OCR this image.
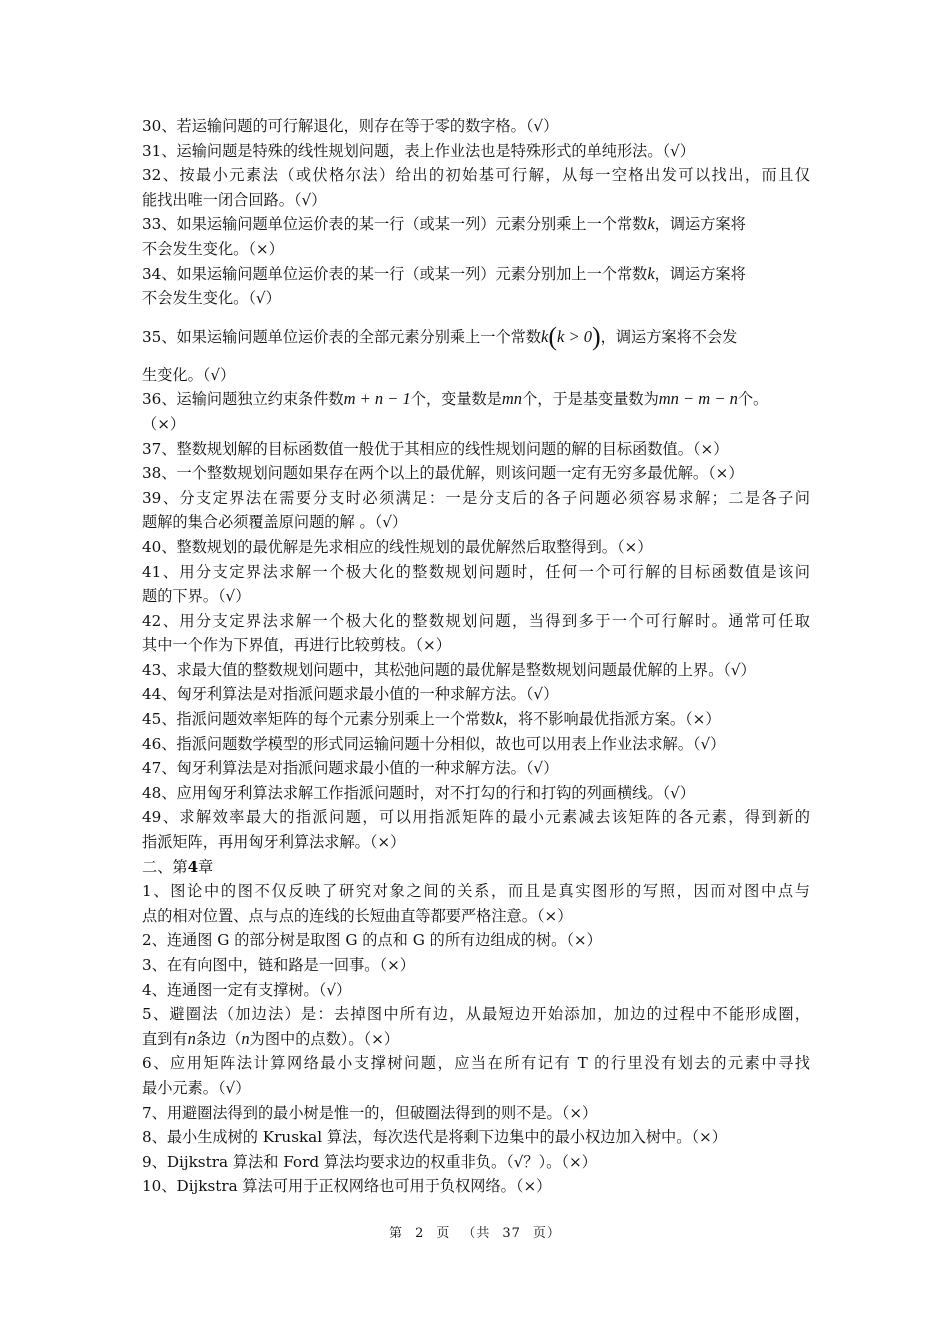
30、若运输问题的可行解退化，则存在等于零的数字格。（√）
31、运输问题是特殊的线性规划问题，表上作业法也是特殊形式的单纯形法。（√）
32、按最小元素法（或伏格尔法）给出的初始基可行解，从每一空格出发可以找出，而且仅
能找出唯一闭合回路。（√）
33、如果运输问题单位运价表的某一行（或某一列）元素分别乘上一个常数k，调运方案将
不会发生变化。（×）
34、如果运输问题单位运价表的某一行（或某一列）元素分别加上一个常数k，调运方案将
不会发生变化。（√）
35、如果运输问题单位运价表的全部元素分别乘上一个常数k(k > 0)，调运方案将不会发
生变化。（√）
36、运输问题独立约束条件数m + n − 1个，变量数是mn个，于是基变量数为mn − m − n个。
（×）
37、整数规划解的目标函数值一般优于其相应的线性规划问题的解的目标函数值。（×）
38、一个整数规划问题如果存在两个以上的最优解，则该问题一定有无穷多最优解。（×）
39、分支定界法在需要分支时必须满足：一是分支后的各子问题必须容易求解；二是各子问
题解的集合必须覆盖原问题的解 。（√）
40、整数规划的最优解是先求相应的线性规划的最优解然后取整得到。（×）
41、用分支定界法求解一个极大化的整数规划问题时，任何一个可行解的目标函数值是该问
题的下界。（√）
42、用分支定界法求解一个极大化的整数规划问题，当得到多于一个可行解时。通常可任取
其中一个作为下界值，再进行比较剪枝。（×）
43、求最大值的整数规划问题中，其松弛问题的最优解是整数规划问题最优解的上界。（√）
44、匈牙利算法是对指派问题求最小值的一种求解方法。（√）
45、指派问题效率矩阵的每个元素分别乘上一个常数k，将不影响最优指派方案。（×）
46、指派问题数学模型的形式同运输问题十分相似，故也可以用表上作业法求解。（√）
47、匈牙利算法是对指派问题求最小值的一种求解方法。（√）
48、应用匈牙利算法求解工作指派问题时，对不打勾的行和打钩的列画横线。（√）
49、求解效率最大的指派问题，可以用指派矩阵的最小元素减去该矩阵的各元素，得到新的
指派矩阵，再用匈牙利算法求解。（×）
二、第4章
1、图论中的图不仅反映了研究对象之间的关系，而且是真实图形的写照，因而对图中点与
点的相对位置、点与点的连线的长短曲直等都要严格注意。（×）
2、连通图 G 的部分树是取图 G 的点和 G 的所有边组成的树。（×）
3、在有向图中，链和路是一回事。（×）
4、连通图一定有支撑树。（√）
5、避圈法（加边法）是：去掉图中所有边，从最短边开始添加，加边的过程中不能形成圈，
直到有n条边（n为图中的点数）。（×）
6、应用矩阵法计算网络最小支撑树问题，应当在所有记有 T 的行里没有划去的元素中寻找
最小元素。（√）
7、用避圈法得到的最小树是惟一的，但破圈法得到的则不是。（×）
8、最小生成树的 Kruskal 算法，每次迭代是将剩下边集中的最小权边加入树中。（×）
9、Dijkstra 算法和 Ford 算法均要求边的权重非负。（√？）。（×）
10、Dijkstra 算法可用于正权网络也可用于负权网络。（×）
第 2 页 （共 37 页）
